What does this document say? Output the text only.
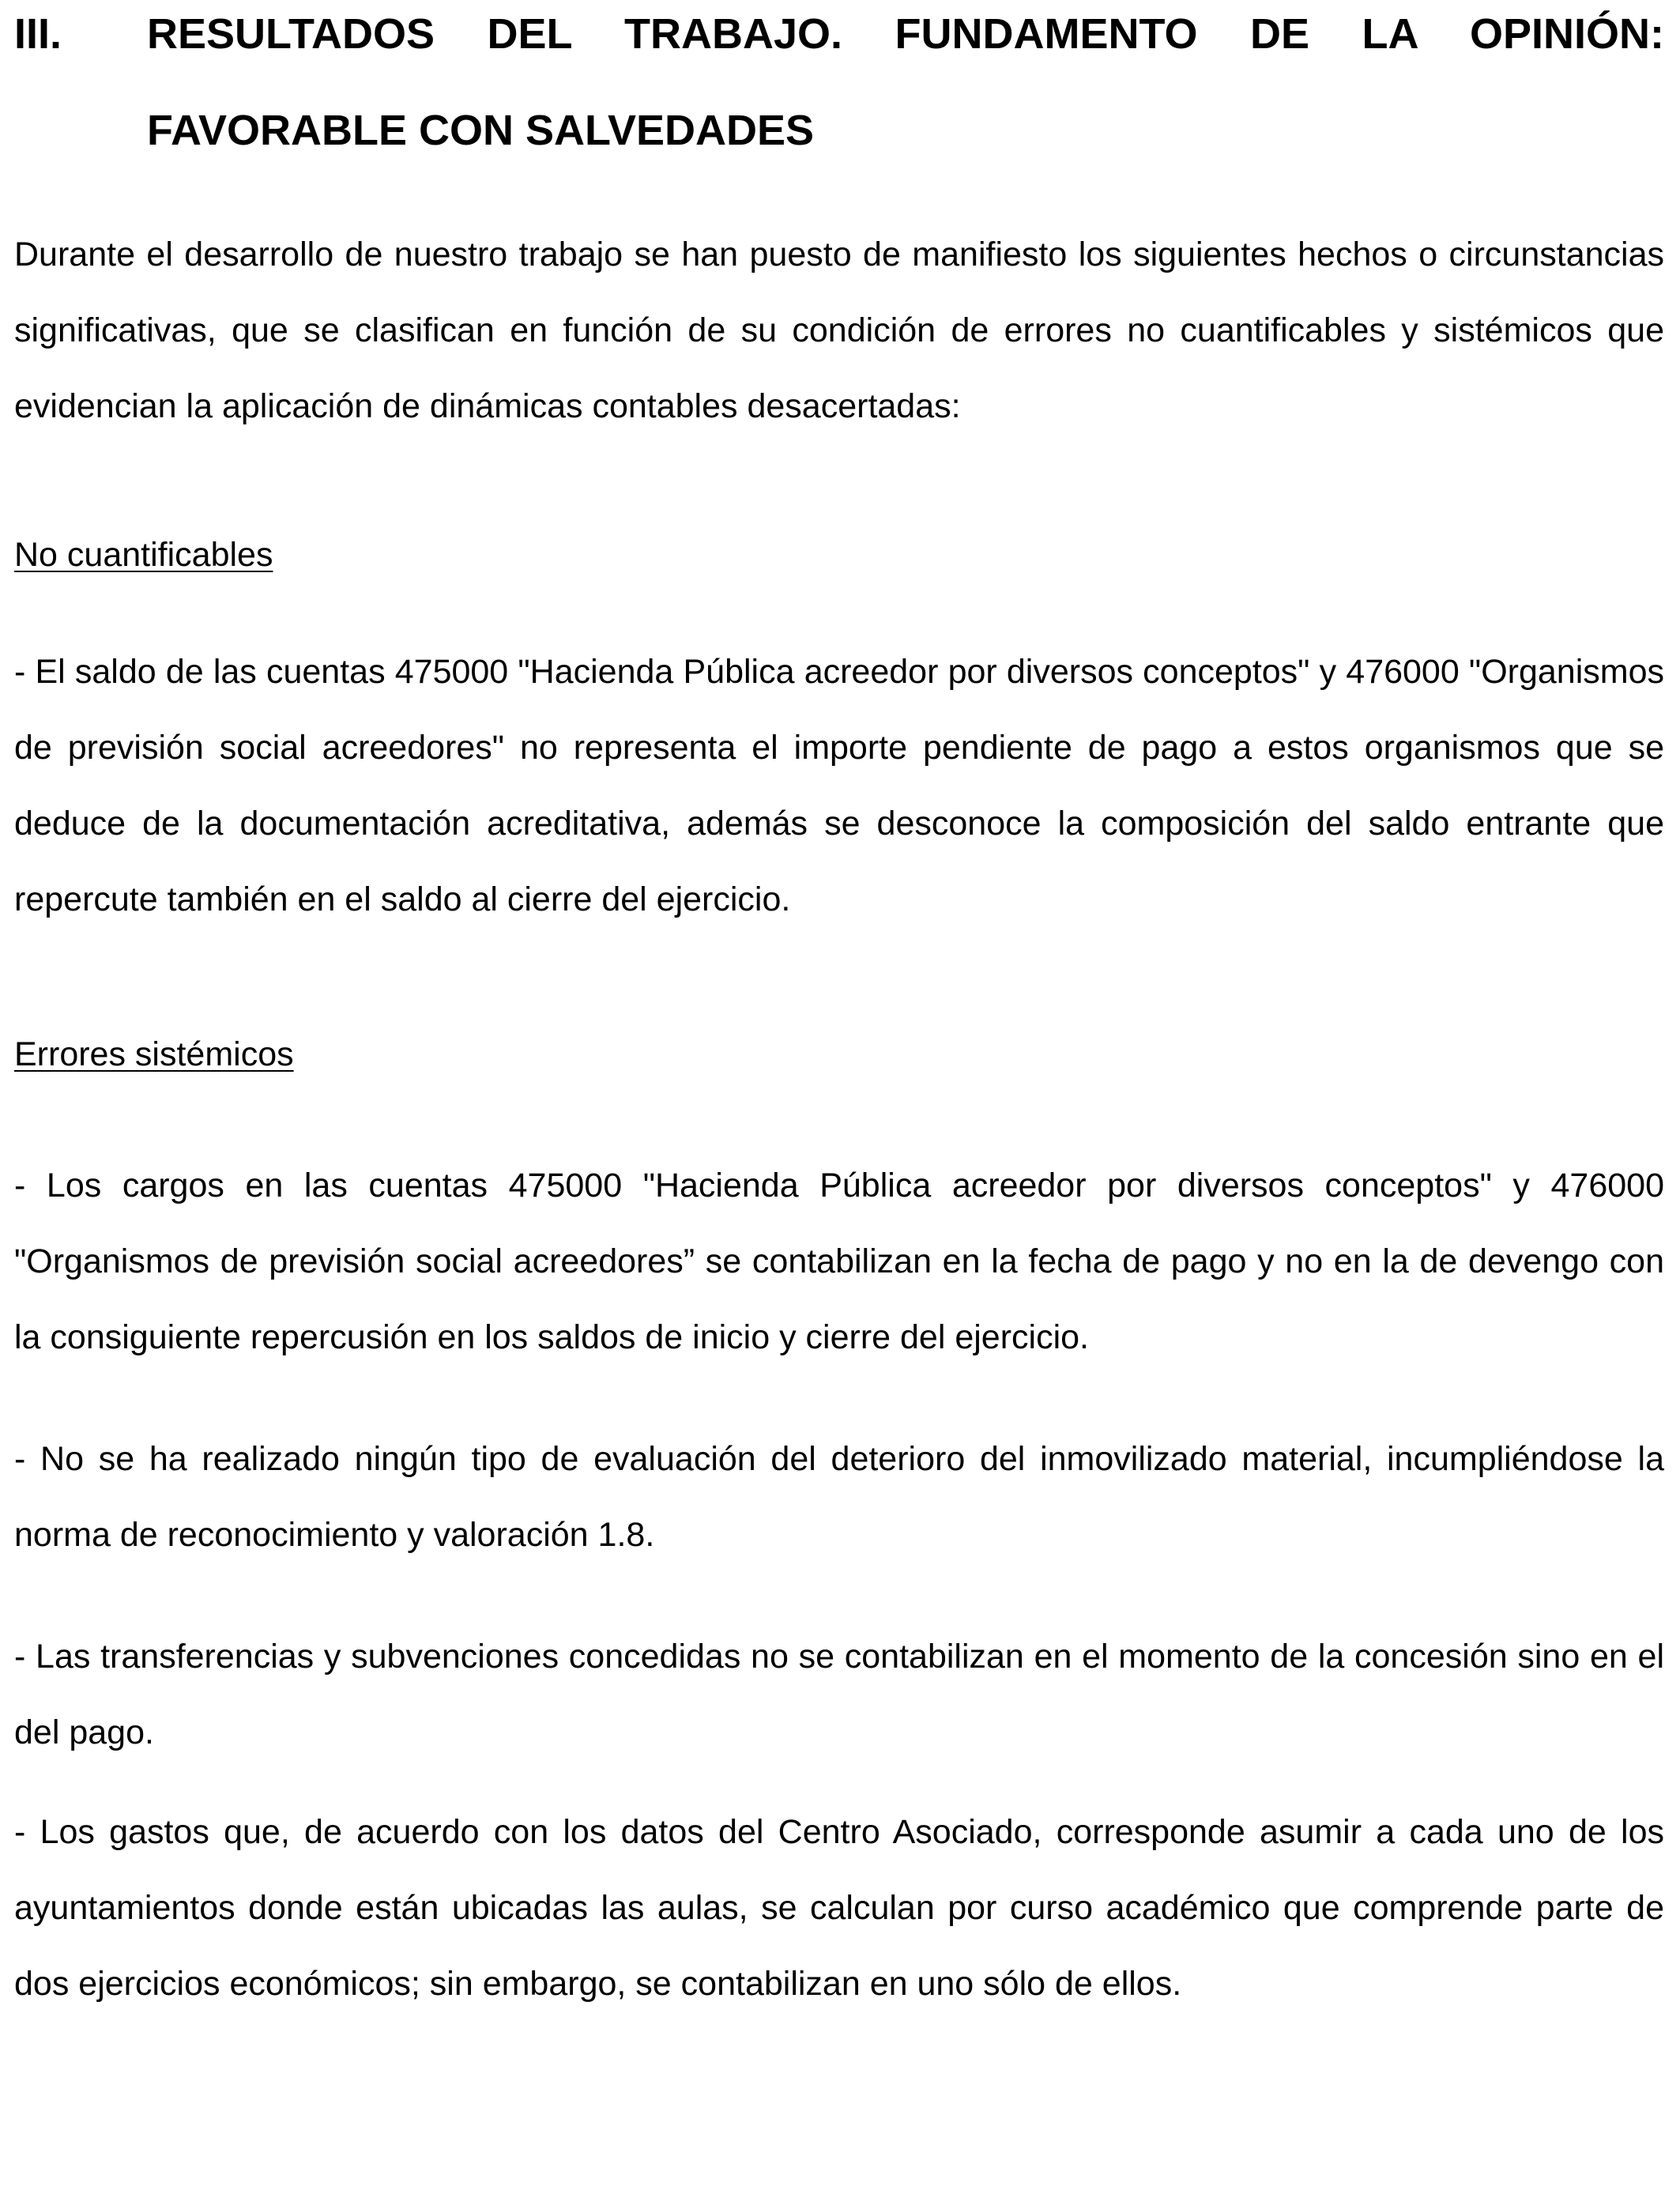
III.	RESULTADOS DEL TRABAJO. FUNDAMENTO DE LA OPINIÓN:
FAVORABLE CON SALVEDADES

Durante el desarrollo de nuestro trabajo se han puesto de manifiesto los siguientes hechos o circunstancias significativas, que se clasifican en función de su condición de errores no cuantificables y sistémicos que evidencian la aplicación de dinámicas contables desacertadas:

No cuantificables

- El saldo de las cuentas 475000 "Hacienda Pública acreedor por diversos conceptos" y 476000 "Organismos de previsión social acreedores" no representa el importe pendiente de pago a estos organismos que se deduce de la documentación acreditativa, además se desconoce la composición del saldo entrante que repercute también en el saldo al cierre del ejercicio.

Errores sistémicos

- Los cargos en las cuentas 475000 "Hacienda Pública acreedor por diversos conceptos" y 476000 "Organismos de previsión social acreedores” se contabilizan en la fecha de pago y no en la de devengo con la consiguiente repercusión en los saldos de inicio y cierre del ejercicio.

- No se ha realizado ningún tipo de evaluación del deterioro del inmovilizado material, incumpliéndose la norma de reconocimiento y valoración 1.8.

- Las transferencias y subvenciones concedidas no se contabilizan en el momento de la concesión sino en el del pago.

- Los gastos que, de acuerdo con los datos del Centro Asociado, corresponde asumir a cada uno de los ayuntamientos donde están ubicadas las aulas, se calculan por curso académico que comprende parte de dos ejercicios económicos; sin embargo, se contabilizan en uno sólo de ellos.
